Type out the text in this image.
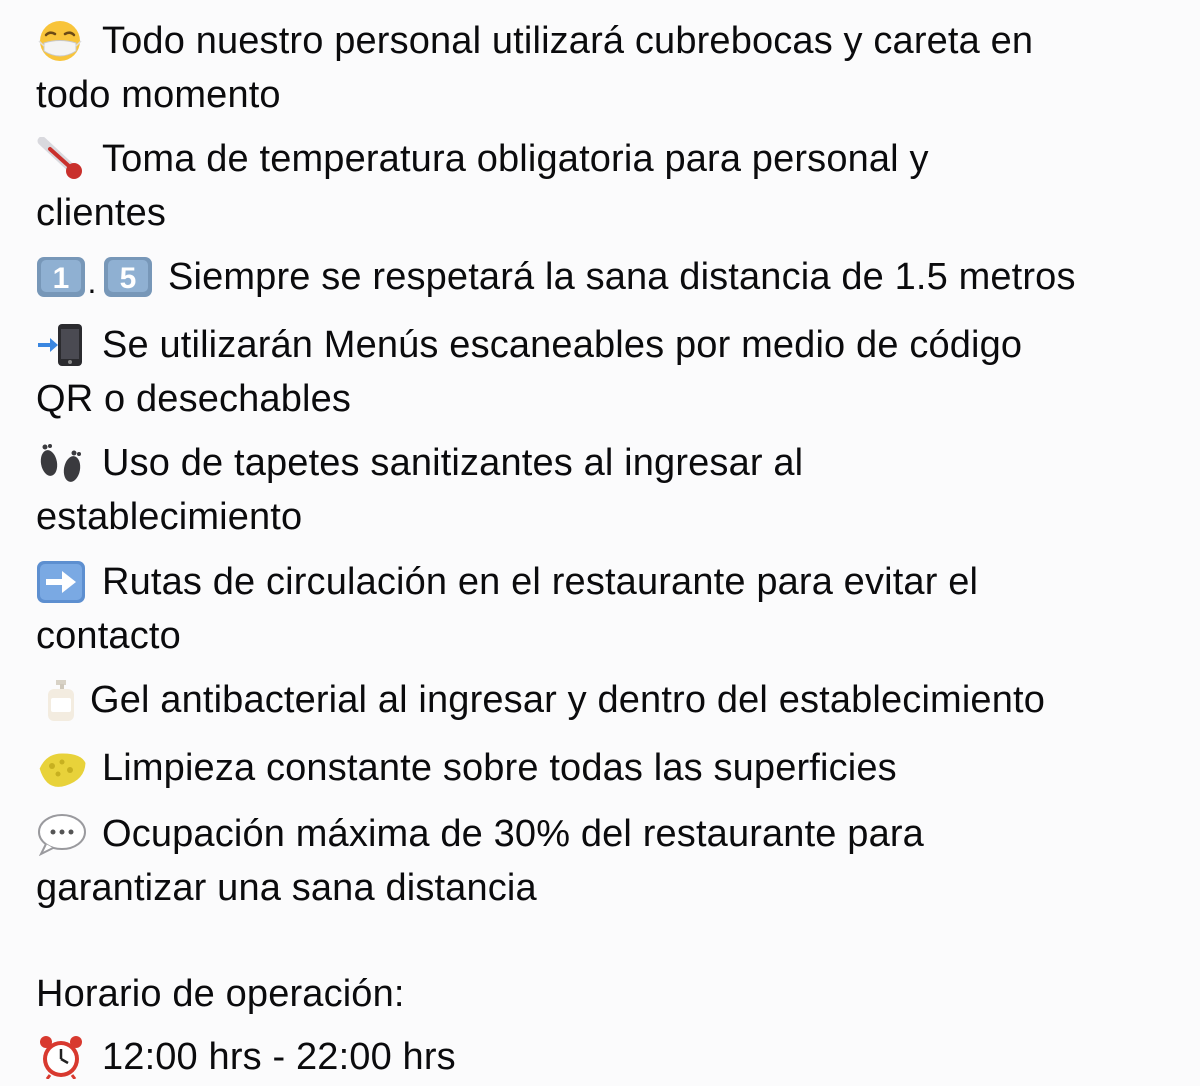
Todo nuestro personal utilizará cubrebocas y careta en
todo momento
Toma de temperatura obligatoria para personal y
clientes
1 . 5 Siempre se respetará la sana distancia de 1.5 metros
Se utilizarán Menús escaneables por medio de código
QR o desechables
Uso de tapetes sanitizantes al ingresar al
establecimiento
Rutas de circulación en el restaurante para evitar el
contacto
Gel antibacterial al ingresar y dentro del establecimiento
Limpieza constante sobre todas las superficies
Ocupación máxima de 30% del restaurante para
garantizar una sana distancia
Horario de operación:
12:00 hrs - 22:00 hrs
